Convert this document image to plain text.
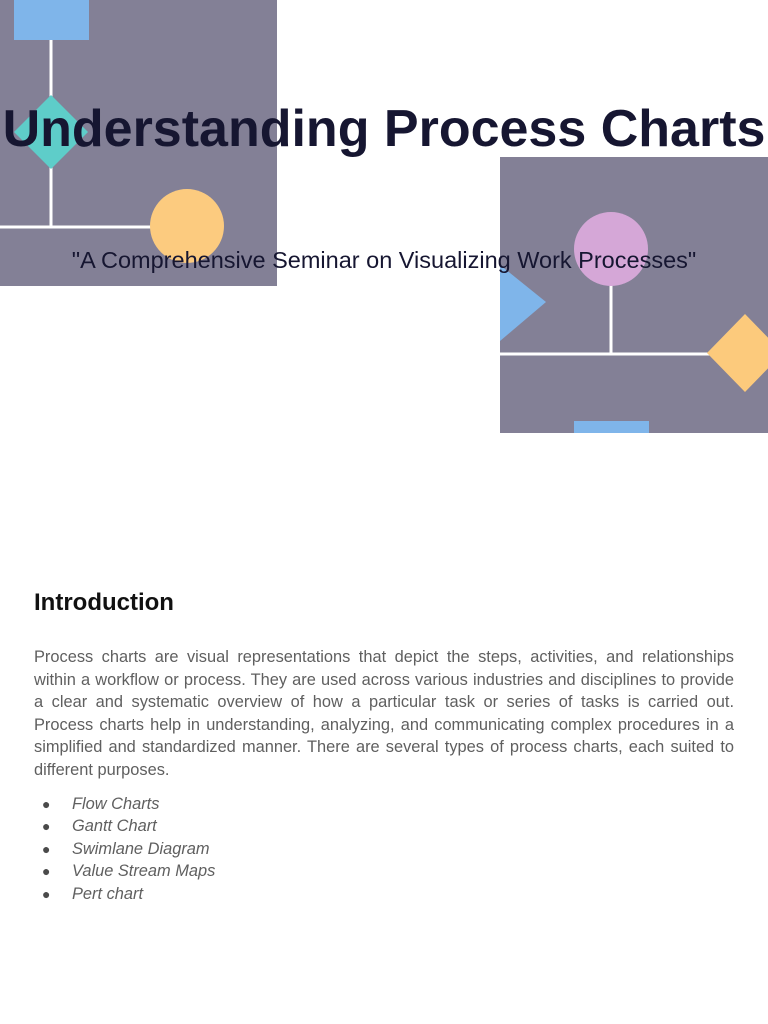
Understanding Process Charts

"A Comprehensive Seminar on Visualizing Work Processes"

Introduction

Process charts are visual representations that depict the steps, activities, and relationships within a workflow or process. They are used across various industries and disciplines to provide a clear and systematic overview of how a particular task or series of tasks is carried out. Process charts help in understanding, analyzing, and communicating complex procedures in a simplified and standardized manner. There are several types of process charts, each suited to different purposes.

● Flow Charts
● Gantt Chart
● Swimlane Diagram
● Value Stream Maps
● Pert chart
